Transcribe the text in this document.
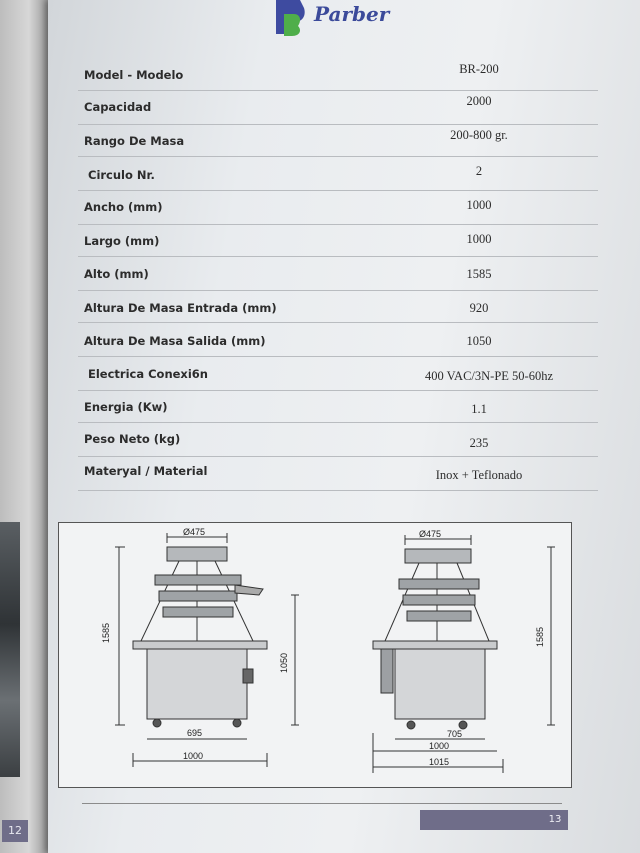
12
Parber
Model - Modelo	BR-200
Capacidad	2000
Rango De Masa	200-800 gr.
Circulo Nr.	2
Ancho (mm)	1000
Largo (mm)	1000
Alto (mm)	1585
Altura De Masa Entrada (mm)	920
Altura De Masa Salida (mm)	1050
Electrica Conexi6n	400 VAC/3N-PE 50-60hz
Energia (Kw)	1.1
Peso Neto (kg)	235
Materyal / Material	Inox + Teflonado
Ø475
1585
1050
695
1000
Ø475
1585
705
1000
1015
13
